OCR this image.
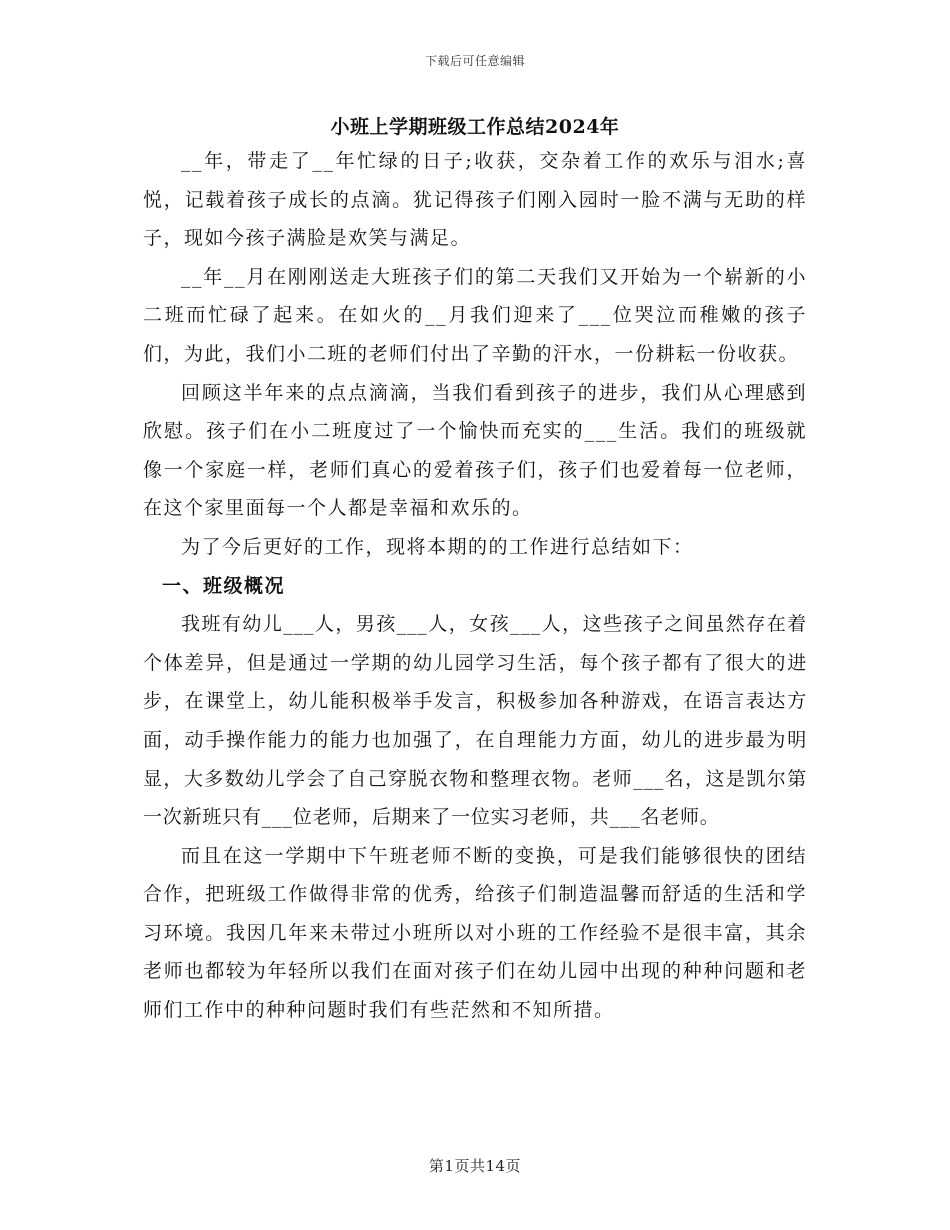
下载后可任意编辑
小班上学期班级工作总结2024年

__年，带走了__年忙绿的日子;收获，交杂着工作的欢乐与泪水;喜悦，记载着孩子成长的点滴。犹记得孩子们刚入园时一脸不满与无助的样子，现如今孩子满脸是欢笑与满足。

__年__月在刚刚送走大班孩子们的第二天我们又开始为一个崭新的小二班而忙碌了起来。在如火的__月我们迎来了___位哭泣而稚嫩的孩子们，为此，我们小二班的老师们付出了辛勤的汗水，一份耕耘一份收获。

回顾这半年来的点点滴滴，当我们看到孩子的进步，我们从心理感到欣慰。孩子们在小二班度过了一个愉快而充实的___生活。我们的班级就像一个家庭一样，老师们真心的爱着孩子们，孩子们也爱着每一位老师，在这个家里面每一个人都是幸福和欢乐的。

为了今后更好的工作，现将本期的的工作进行总结如下：

一、班级概况

我班有幼儿___人，男孩___人，女孩___人，这些孩子之间虽然存在着个体差异，但是通过一学期的幼儿园学习生活，每个孩子都有了很大的进步，在课堂上，幼儿能积极举手发言，积极参加各种游戏，在语言表达方面，动手操作能力的能力也加强了，在自理能力方面，幼儿的进步最为明显，大多数幼儿学会了自己穿脱衣物和整理衣物。老师___名，这是凯尔第一次新班只有___位老师，后期来了一位实习老师，共___名老师。

而且在这一学期中下午班老师不断的变换，可是我们能够很快的团结合作，把班级工作做得非常的优秀，给孩子们制造温馨而舒适的生活和学习环境。我因几年来未带过小班所以对小班的工作经验不是很丰富，其余老师也都较为年轻所以我们在面对孩子们在幼儿园中出现的种种问题和老师们工作中的种种问题时我们有些茫然和不知所措。

第1页共14页
